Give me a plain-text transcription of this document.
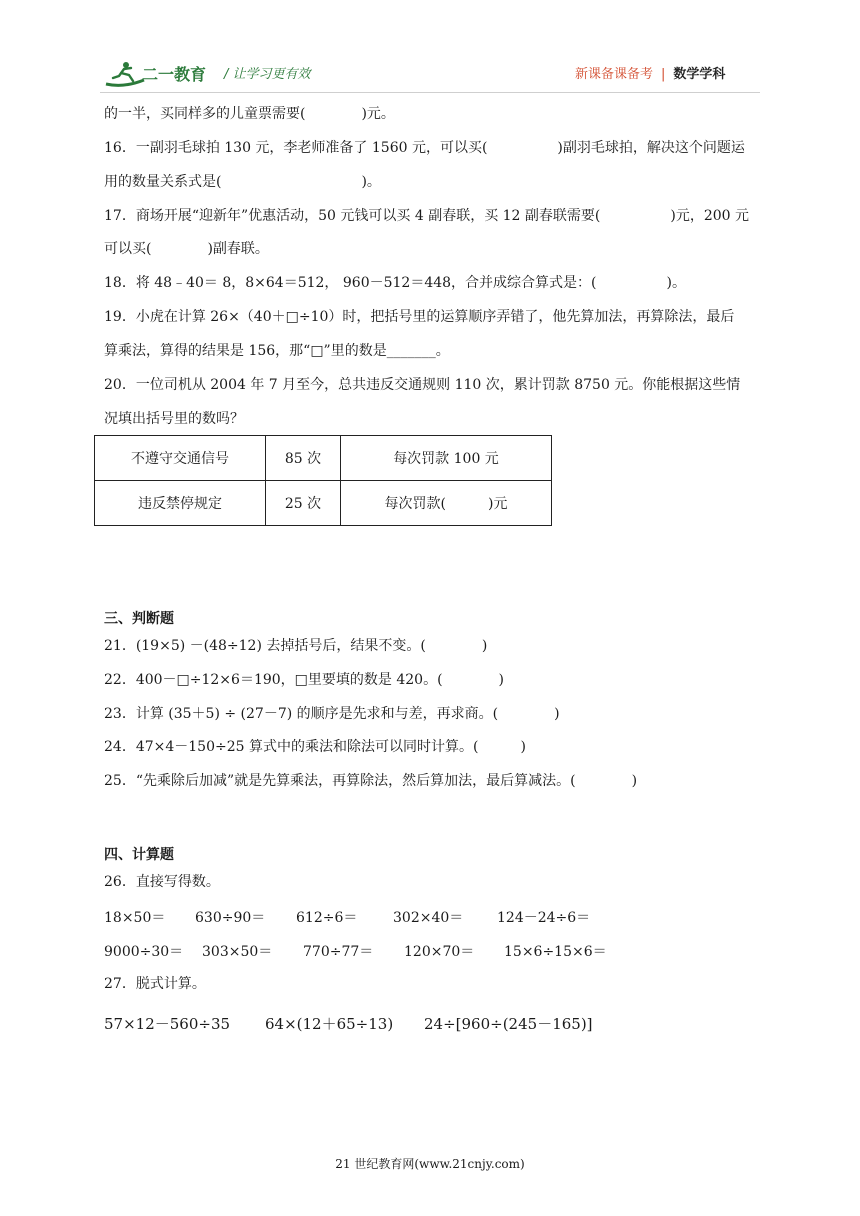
二一教育 / 让学习更有效	新课备课备考 | 数学学科
的一半，买同样多的儿童票需要(　　　　)元。
16．一副羽毛球拍 130 元，李老师准备了 1560 元，可以买(　　　　　)副羽毛球拍，解决这个问题运
用的数量关系式是(　　　　　　　　　　)。
17．商场开展“迎新年”优惠活动，50 元钱可以买 4 副春联，买 12 副春联需要(　　　　　)元，200 元
可以买(　　　　)副春联。
18．将 48﹣40＝ 8，8×64＝512， 960－512＝448，合并成综合算式是：(　　　　　)。
19．小虎在计算 26×（40＋□÷10）时，把括号里的运算顺序弄错了，他先算加法，再算除法，最后
算乘法，算得的结果是 156，那“□”里的数是_______。
20．一位司机从 2004 年 7 月至今，总共违反交通规则 110 次，累计罚款 8750 元。你能根据这些情
况填出括号里的数吗？
不遵守交通信号	85 次	每次罚款 100 元
违反禁停规定	25 次	每次罚款(　　　)元
三、判断题
21．(19×5) －(48÷12) 去掉括号后，结果不变。(　　　　)
22．400－□÷12×6＝190，□里要填的数是 420。(　　　　)
23．计算 (35＋5) ÷ (27－7) 的顺序是先求和与差，再求商。(　　　　)
24．47×4－150÷25 算式中的乘法和除法可以同时计算。(　　　)
25．“先乘除后加减”就是先算乘法，再算除法，然后算加法，最后算减法。(　　　　)
四、计算题
26．直接写得数。
18×50＝ 630÷90＝ 612÷6＝	302×40＝ 124－24÷6＝
9000÷30＝ 303×50＝ 770÷77＝ 120×70＝ 15×6÷15×6＝
27．脱式计算。
57×12－560÷35 64×(12＋65÷13) 24÷[960÷(245－165)]
21 世纪教育网(www.21cnjy.com)
